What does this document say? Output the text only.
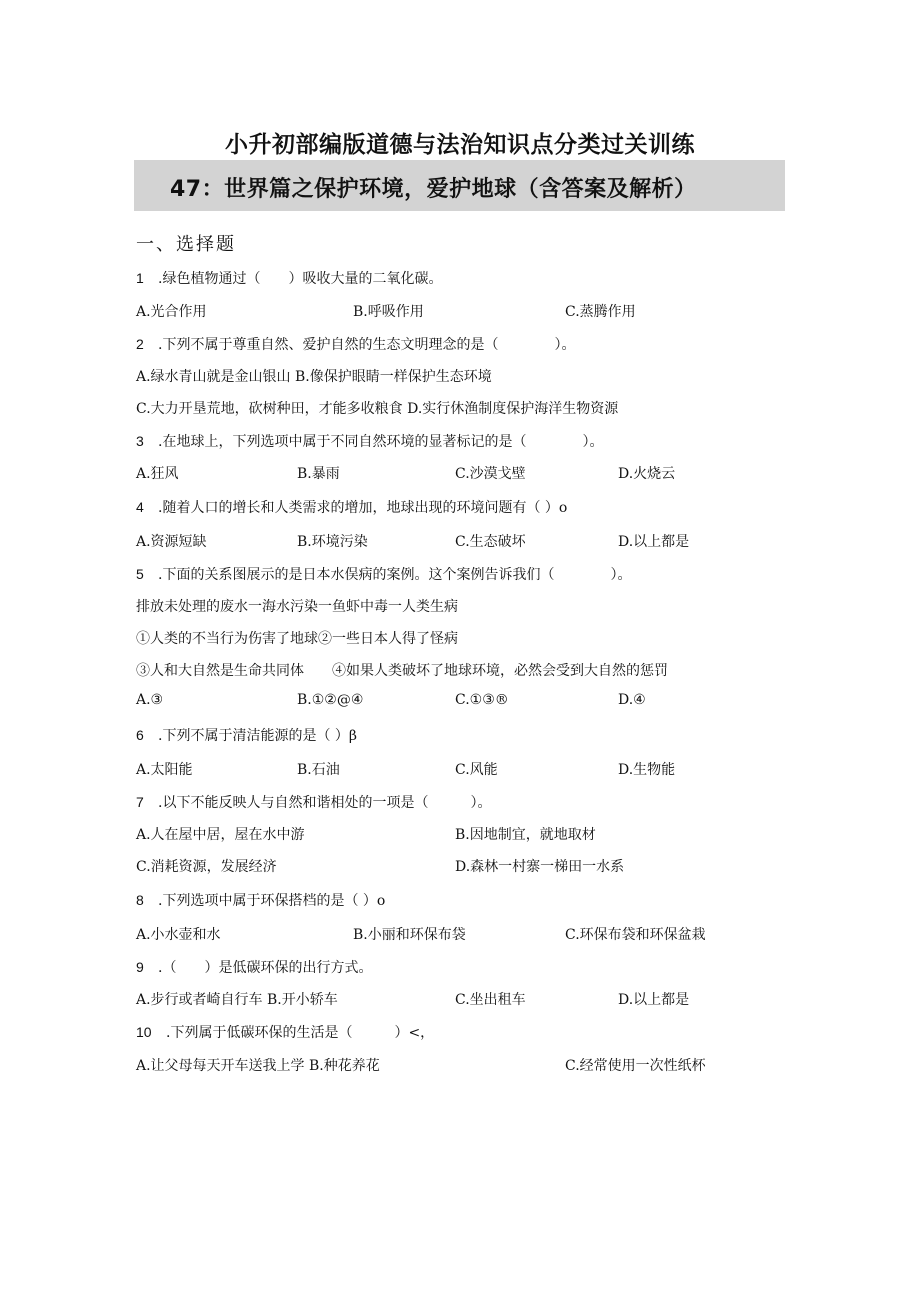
小升初部编版道德与法治知识点分类过关训练
47：世界篇之保护环境，爱护地球（含答案及解析）
一、选择题
1 .绿色植物通过（　　）吸收大量的二氧化碳。
A.光合作用	B.呼吸作用	C.蒸腾作用
2 .下列不属于尊重自然、爱护自然的生态文明理念的是（　　　　）。
A.绿水青山就是金山银山 B.像保护眼睛一样保护生态环境
C.大力开垦荒地，砍树种田，才能多收粮食 D.实行休渔制度保护海洋生物资源
3 .在地球上，下列选项中属于不同自然环境的显著标记的是（　　　　）。
A.狂风	B.暴雨	C.沙漠戈壁	D.火烧云
4 .随着人口的增长和人类需求的增加，地球出现的环境问题有（ ）o
A.资源短缺	B.环境污染	C.生态破坏	D.以上都是
5 .下面的关系图展示的是日本水俣病的案例。这个案例告诉我们（　　　　）。
排放未处理的废水一海水污染一鱼虾中毒一人类生病
①人类的不当行为伤害了地球②一些日本人得了怪病
③人和大自然是生命共同体　　④如果人类破坏了地球环境，必然会受到大自然的惩罚
A.③	B.①②@④	C.①③®	D.④
6 .下列不属于清洁能源的是（ ）β
A.太阳能	B.石油	C.风能	D.生物能
7 .以下不能反映人与自然和谐相处的一项是（　　　）。
A.人在屋中居，屋在水中游	B.因地制宜，就地取材
C.消耗资源，发展经济	D.森林一村寨一梯田一水系
8 .下列选项中属于环保搭档的是（ ）o
A.小水壶和水	B.小丽和环保布袋	C.环保布袋和环保盆栽
9 .（　　）是低碳环保的出行方式。
A.步行或者崎自行车 B.开小轿车	C.坐出租车	D.以上都是
10 .下列属于低碳环保的生活是（　　　）<，
A.让父母每天开车送我上学 B.种花养花	C.经常使用一次性纸杯
